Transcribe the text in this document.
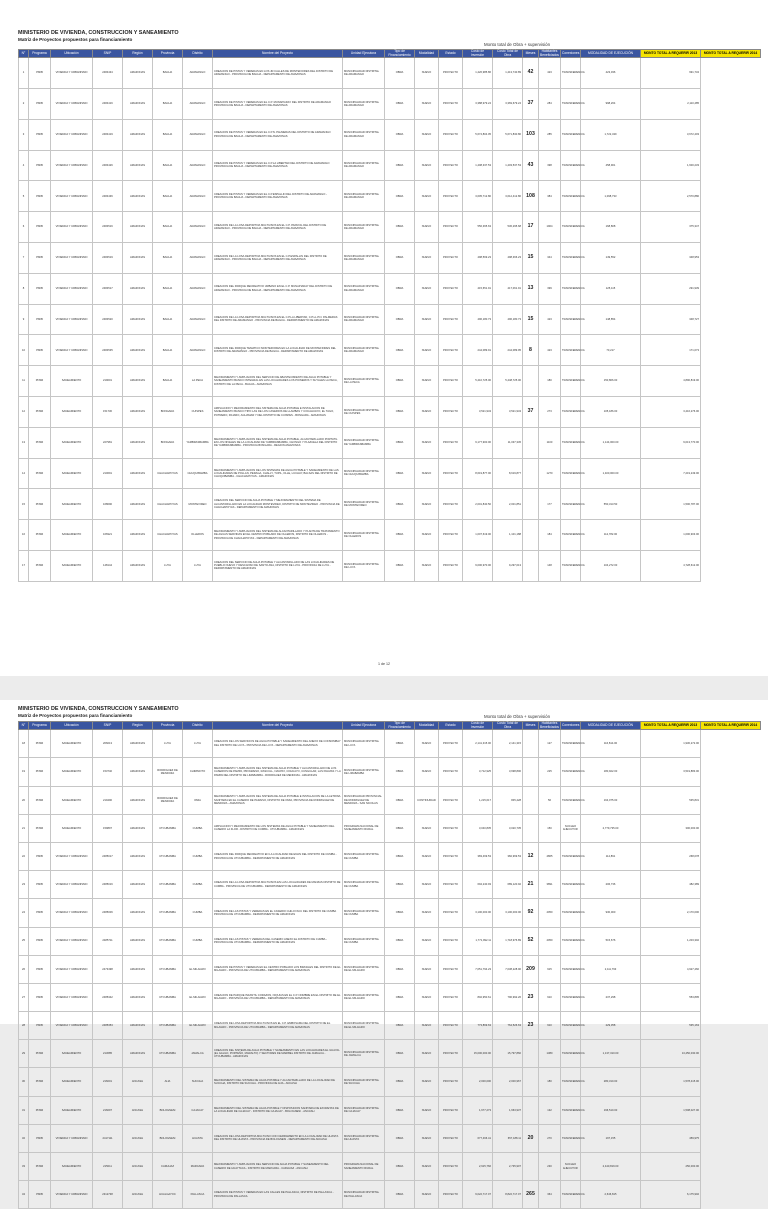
MINISTERIO DE VIVIENDA, CONSTRUCCION Y SANEAMIENTO
Matriz de Proyectos propuestos para financiamiento
Monto total de Obra + supervisión
N°	Programa	Ubicación	SNIP	Región	Provincia	Distrito	Nombre del Proyecto	Unidad Ejecutora	Tipo de Financiamiento	Modalidad	Estado	Costo de Inversión	Costo Total de Obra	Meses	Habitantes Beneficiados	Conexiones	MODALIDAD DE EJECUCIÓN	MONTO TOTAL A REQUERIR 2013	MONTO TOTAL A REQUERIR 2014
1	PMIB	VIVIENDA Y URBANISMO	2484434	AMAZONAS	BAGUA	ARAMANGO	CREACION DE PISTAS Y VEREDAS EN LOS JR.CALLES DE MONTEFIORES DEL DISTRITO DE ARAMANGO - PROVINCIA DE BAGUA - DEPARTAMENTO DE AMAZONAS	MUNICIPALIDAD DISTRITAL DE ARAMANGO	OBRA	NUEVO	PROYECTO	1,426,985.86	1,413,740.89	42	423	TRANSFERENCIA	423,036	991,734	
2	PMIB	VIVIENDA Y URBANISMO	2484416	AMAZONAS	BAGUA	ARAMANGO	CREACION DE PISTAS Y VEREDAS EN EL C.P. MUNAPIADAY DEL DISTRITO DE ARAMANGO PROVINCIA DE BAGUA - DEPARTAMENTO DE AMAZONAS	MUNICIPALIDAD DISTRITAL DE ARAMANGO	OBRA	NUEVO	PROYECTO	3,388,979.24	3,369,679.24	37	284	TRANSFERENCIA	998,264	2,110,485	
3	PMIB	VIVIENDA Y URBANISMO	2484419	AMAZONAS	BAGUA	ARAMANGO	CREACION DE PISTAS Y VEREDAS EN EL C.P.N. PALMERAS DEL DISTRITO DE ARAMANGO PROVINCIA DE BAGUA - DEPARTAMENTO DE AMAZONAS	MUNICIPALIDAD DISTRITAL DE ARAMANGO	OBRA	NUEVO	PROYECTO	5,674,804.05	5,671,830.80	103	285	TRANSFERENCIA	1,722,439	3,672,403	
4	PMIB	VIVIENDA Y URBANISMO	2484426	AMAZONAS	BAGUA	ARAMANGO	CREACION DE PISTAS Y VEREDAS EN EL C.P.LA LIBERTAD DEL DISTRITO DE ARAMANGO PROVINCIA DE BAGUA - DEPARTAMENTO DE AMAZONAS	MUNICIPALIDAD DISTRITAL DE ARAMANGO	OBRA	NUEVO	PROYECTO	1,408,337.53	1,403,537.53	43	398	TRANSFERENCIA	458,901	1,600,233	
5	PMIB	VIVIENDA Y URBANISMO	2484436	AMAZONAS	BAGUA	ARAMANGO	CREACION DE PISTAS Y VEREDAS EN EL C.P.ESPALLIN DEL DISTRITO DE ARAMANGO - PROVINCIA DE BAGUA - DEPARTAMENTO DE AMAZONAS	MUNICIPALIDAD DISTRITAL DE ARAMANGO	OBRA	NUEVO	PROYECTO	3,605,712.80	3,612,412.80	108	384	TRANSFERENCIA	1,098,733	2,570,880	
6	PMIB	VIVIENDA Y URBANISMO	2484516	AMAZONAS	BAGUA	ARAMANGO	CREACION DE LA LOSA DEPORTIVA MULTIUSOS EN EL C.P. PAPAYAL DEL DISTRITO DE ARAMANGO - PROVINCIA DE BAGUA - DEPARTAMENTO DE AMAZONAS	MUNICIPALIDAD DISTRITAL DE ARAMANGO	OBRA	NUEVO	PROYECTO	556,365.63	536,295.68	17	1904	TRANSFERENCIA	168,808	375,347	
7	PMIB	VIVIENDA Y URBANISMO	2484519	AMAZONAS	BAGUA	ARAMANGO	CREACION DE LA LOSA DEPORTIVA MULTIUSOS EN EL C.P.ESPALLIN DEL DISTRITO DE ARAMANGO - PROVINCIA DE BAGUA - DEPARTAMENTO DE AMAZONAS	MUNICIPALIDAD DISTRITAL DE ARAMANGO	OBRA	NUEVO	PROYECTO	498,569.23	498,366.23	15	344	TRANSFERENCIA	149,552	348,953	
8	PMIB	VIVIENDA Y URBANISMO	2484517	AMAZONAS	BAGUA	ARAMANGO	CREACION DEL PARQUE RECREATIVO URBANO EN EL C.P. MUNAPIADAY DEL DISTRITO DE ARAMANGO - PROVINCIA DE BAGUA - DEPARTAMENTO DE AMAZONAS	MUNICIPALIDAD DISTRITAL DE ARAMANGO	OBRA	NUEVO	PROYECTO	415,651.91	417,061.91	13	399	TRANSFERENCIA	125,115	291,939	
9	PMIB	VIVIENDA Y URBANISMO	2484520	AMAZONAS	BAGUA	ARAMANGO	CREACION DE LA LOSA DEPORTIVA MULTIUSOS EN EL C.P.LA LIBERTAD, C.P.LL.P.N. PALMERAS DEL DISTRITO DE ARAMANGO - PROVINCIA DE BAGUA - DEPARTAMENTO DE AMAZONAS	MUNICIPALIDAD DISTRITAL DE ARAMANGO	OBRA	NUEVO	PROYECTO	496,180.73	496,180.73	15	423	TRANSFERENCIA	148,854	348,727	
10	PMIB	VIVIENDA Y URBANISMO	2484535	AMAZONAS	BAGUA	ARAMANGO	CREACION DEL PARQUE TEMATICO MONTEFIORES EN LA LOCALIDAD DE MONTEFIORES DEL DISTRITO DE ARAMANGO - PROVINCIA DE BAGUA - DEPARTAMENTO DE AMAZONAS	MUNICIPALIDAD DISTRITAL DE ARAMANGO	OBRA	NUEVO	PROYECTO	244,089.91	244,089.95	8	423	TRANSFERENCIA	73,217	171,073	
11	PNSR	SANEAMIENTO	219001	AMAZONAS	BAGUA	LA PECA	MEJORAMIENTO Y AMPLIACION DEL SERVICIO DE ABASTECIMIENTO DE AGUA POTABLE Y SANEAMIENTO BASICO INTEGRAL EN LAS LOCALIDADES LOS PIONEROS Y SUYALES LA PECA, DISTRITO DE LA PECA - BAGUA - AMAZONAS	MUNICIPALIDAD DISTRITAL DE LA PECA	OBRA	NUEVO	PROYECTO	5,410,725.00	5,448,725.00		180	TRANSFERENCIA	150,806.00	4,890,819.00	
12	PNSR	SANEAMIENTO	151730	AMAZONAS	BONGARA	CUISPES	AMPLIACION Y MEJORAMIENTO DEL SISTEMA DE AGUA POTABLE E INSTALACION DE SANEAMIENTO BASICO TIPO LAS DE LOS CASERIOS DE LLAMBAS Y COCAHUAYO, EL TAGO, POTRERO, PAJARO, AGUAMAR Y DEL DISTRITO DE CUISPES - BONGARA - AMAZONAS	MUNICIPALIDAD DISTRITAL DE CUISPES	OBRA	NUEVO	PROYECTO	3,521,943	3,521,943	37	273	TRANSFERENCIA	105,186.00	3,416,276.00	
13	PNSR	SANEAMIENTO	227981	AMAZONAS	BONGARA	YAMBRASBAMBA	MEJORAMIENTO Y AMPLIACION DEL SISTEMA DE AGUA POTABLE, ALCANTARILLADO PORTATIL EN LOS NIVELES DE LA LOCALIDAD DE YAMBRASBAMBA, CHOSGO Y PLAZUELA DEL DISTRITO DE YAMBRASBAMBA - PROVINCIA BONGARA - REGION AMAZONAS	MUNICIPALIDAD DISTRITAL DE YAMBRASBAMBA	OBRA	NUEVO	PROYECTO	9,177,900.00	11,037,345		1100	TRANSFERENCIA	1,144,000.00	9,013,770.00	
14	PNSR	SANEAMIENTO	210691	AMAZONAS	CHACHAPOYAS	CHUQUIBAMBA	MEJORAMIENTO Y AMPLIACION DE LOS SISTEMAS DE AGUA POTABLE Y SANEAMIENTO DE LAS LOCALIDADES DE POLLAN, PERAGA, CHALLY, TUPIL, OLLE, LUCHAY, BALSAS DEL DISTRITO DE CHUQUIBAMBA - CHACHAPOYAS - AMAZONAS	MUNICIPALIDAD DISTRITAL DE CHUQUIBAMBA	OBRA	NUEVO	PROYECTO	8,619,877.00	8,619,877		1270	TRANSFERENCIA	1,400,000.00	7,219,249.00	
15	PNSR	SANEAMIENTO	168090	AMAZONAS	CHACHAPOYAS	MONTEVIDEO	CREACION DEL SERVICIO DE AGUA POTABLE Y MEJORAMIENTO DEL SISTEMA DE ALCANTARILLADO EN LA LOCALIDAD MONTEVIDEO, DISTRITO DE MONTEVIDEO - PROVINCIA DE CHACHAPOYAS - DEPARTAMENTO DE AMAZONAS	MUNICIPALIDAD DISTRITAL DE MONTEVIDEO	OBRA	NUEVO	PROYECTO	2,001,840.50	2,001,851		177	TRANSFERENCIA	550,313.50	1,500,787.00	
16	PNSR	SANEAMIENTO	166921	AMAZONAS	CHACHAPOYAS	OLLEROS	MEJORAMIENTO Y AMPLIACION DEL SISTEMA DE ALCANTARILLADO Y PLANTA DE TRATAMIENTO DE AGUAS SERVIDAS EN EL CENTRO POBLADO DE OLLEROS, DISTRITO DE OLLEROS - PROVINCIA DE CHACHAPOYAS - DEPARTAMENTO DE AMAZONAS	MUNICIPALIDAD DISTRITAL DE OLLEROS	OBRA	NUEVO	PROYECTO	1,007,619.00	1,101,188		184	TRANSFERENCIA	112,782.00	1,000,903.00	
17	PNSR	SANEAMIENTO	148144	AMAZONAS	LUYA	LUYA	CREACION DEL SERVICIO DE AGUA POTABLE Y ALCANTARILLADO DE LAS LOCALIDADES DE PUEBLO NUEVO Y DESCANSO DE SANTO ANA, DISTRITO DE LUYA - PROVINCIA DE LUYA - DEPARTAMENTO DE AMAZONAS	MUNICIPALIDAD DISTRITAL DE LUYA	OBRA	NUEVO	PROYECTO	9,000,970.00	9,297,013		148	TRANSFERENCIA	104,272.00	4,728,612.00	
1 de 12
MINISTERIO DE VIVIENDA, CONSTRUCCION Y SANEAMIENTO
Matriz de Proyectos propuestos para financiamiento	Monto total de Obra + supervisión
N°	Programa	Ubicación	SNIP	Región	Provincia	Distrito	Nombre del Proyecto	Unidad Ejecutora	Tipo de Financiamiento	Modalidad	Estado	Costo de Inversión	Costo Total de Obra	Meses	Habitantes Beneficiados	Conexiones	MODALIDAD DE EJECUCIÓN	MONTO TOTAL A REQUERIR 2013	MONTO TOTAL A REQUERIR 2014
18	PNSR	SANEAMIENTO	206013	AMAZONAS	LUYA	LUYA	CREACION DE LOS SERVICIOS DE AGUA POTABLE Y SANEAMIENTO DEL ANEXO DE CONSOMBAY DEL DISTRITO DE LUYA - PROVINCIA DE LUYA - DEPARTAMENTO DE AMAZONAS	MUNICIPALIDAD DISTRITAL DE LUYA	OBRA	NUEVO	PROYECTO	2,141,315.00	2,141,315		127	TRANSFERENCIA	116,814.00	1,930,272.00	
19	PNSR	SANEAMIENTO	153740	AMAZONAS	RODRIGUEZ DE MENDOZA	CHIRIMOTO	MEJORAMIENTO Y AMPLIACION DEL SISTEMA DE AGUA POTABLE Y ALCANTARILLADO DE LOS CASERIOS DE PAMPA, PROGRESO, RASCULL, NAUPAY, COHUAYO, CUNGULAR, LAS PALMAS Y LA PAMPA DEL DISTRITO DE LIMABAMBA - RODRIGUEZ DE MENDOZA - AMAZONAS	MUNICIPALIDAD DISTRITAL DE LIMABAMBA	OBRA	NUEVO	PROYECTO	3,712,925	3,698,800		225	TRANSFERENCIA	180,922.00	3,519,883.00	
20	PNSR	SANEAMIENTO	219490	AMAZONAS	RODRIGUEZ DE MENDOZA	OMIA	MEJORAMIENTO Y AMPLIACION DEL SISTEMA DE AGUA POTABLE E INSTALACION DE LA LETRINA SANITARIA EN EL CASERIO DE PARAISO, DISTRITO DE OMIA, PROVINCIA DE RODRIGUEZ DE MENDOZA - AMAZONAS	MUNICIPALIDAD PROVINCIAL DE RODRIGUEZ DE MENDOZA - SAN NICOLAS	OBRA	CONTINUIDAD	PROYECTO	1,215,617	845,428		56	TRANSFERENCIA	164,075.00	535,831	
21	PNSR	SANEAMIENTO	159897	AMAZONAS	UTCUBAMBA	CUMBA	AMPLIACION Y MEJORAMIENTO DE LOS SISTEMAS DE AGUA POTABLE Y SANEAMIENTO DEL CASERIO LA FLOR - DISTRITO DE CUMBA - UTCUBAMBA - AMAZONAS	PROGRAMA NACIONAL DE SANEAMIENTO RURAL	OBRA	NUEVO	PROYECTO	3,040,835	3,020,735		150	NUCLEO EJECUTOR	2,779,735.00	300,000.00	
22	PMIB	VIVIENDA Y URBANISMO	2485017	AMAZONAS	UTCUBAMBA	CUMBA	CREACION DEL PARQUE RECREATIVO EN LA LOCALIDAD DE ENAN DEL DISTRITO DE CUMBA - PROVINCIA DE UTCUBAMBA - DEPARTAMENTO DE AMAZONAS	MUNICIPALIDAD DISTRITAL DE CUMBA	OBRA	NUEVO	PROYECTO	383,469.53	382,969.53	12	4865	TRANSFERENCIA	114,891	268,078	
23	PMIB	VIVIENDA Y URBANISMO	2485016	AMAZONAS	UTCUBAMBA	CUMBA	CREACION DE LA LOSA DEPORTIVA MULTIUSOS EN LAS LOCALIDADES DE MANZAS DISTRITO DE CUMBA - PROVINCIA DE UTCUBAMBA - DEPARTAMENTO DE AMAZONAS	MUNICIPALIDAD DISTRITAL DE CUMBA	OBRA	NUEVO	PROYECTO	694,240.93	689,120.92	21	3891	TRANSFERENCIA	206,736	482,389	
24	PMIB	VIVIENDA Y URBANISMO	2485006	AMAZONAS	UTCUBAMBA	CUMBA	CREACION DE LAS PISTAS Y VEREDAS EN EL CASERIO CHILOYACU DEL DISTRITO DE CUMBA PROVINCIA DE UTCUBAMBA - DEPARTAMENTO DE AMAZONAS	MUNICIPALIDAD DISTRITAL DE CUMBA	OBRA	NUEVO	PROYECTO	3,100,000.00	3,100,000.00	92	4050	TRANSFERENCIA	930,000	2,170,000	
25	PMIB	VIVIENDA Y URBANISMO	2485711	AMAZONAS	UTCUBAMBA	CUMBA	CREACION DE LAS PISTAS Y VEREDAS DEL CASERIO ANEXO EL DISTRITO DE CUMBA - PROVINCIA DE UTCUBAMBA - DEPARTAMENTO DE AMAZONAS	MUNICIPALIDAD DISTRITAL DE CUMBA	OBRA	NUEVO	PROYECTO	1,771,992.11	1,718,976.89	52	4050	TRANSFERENCIA	515,676	1,203,302	
26	PMIB	VIVIENDA Y URBANISMO	2473498	AMAZONAS	UTCUBAMBA	EL MILAGRO	CREACION DE PISTAS Y VEREDAS EN EL CENTRO POBLADO LOS BRASILES DEL DISTRITO DE EL MILAGRO - PROVINCIA DE UTCUBAMBA - DEPARTAMENTO DE AMAZONAS	MUNICIPALIDAD DISTRITAL DE EL MILAGRO	OBRA	NUEVO	PROYECTO	7,051,794.23	7,038,228.90	209	915	TRANSFERENCIA	2,111,793	4,927,460	
27	PMIB	VIVIENDA Y URBANISMO	2485342	AMAZONAS	UTCUBAMBA	EL MILAGRO	CREACION DE PARQUE INFANTIL CORAZON, NIQUIAS EN EL C.P. NOMBRE EN EL DISTRITO DE EL MILAGRO - PROVINCIA DE UTCUBAMBA - DEPARTAMENTO DE AMAZONAS	MUNICIPALIDAD DISTRITAL DE EL MILAGRO	OBRA	NUEVO	PROYECTO	802,950.61	790,992.26	23	910	TRANSFERENCIA	237,298	553,895	
28	PMIB	VIVIENDA Y URBANISMO	2485353	AMAZONAS	UTCUBAMBA	EL MILAGRO	CREACION DE LOSA DEPORTIVA MULTIUSOS EN EL C.P. EMBOSAMA DEL DISTRITO DE EL MILAGRO - PROVINCIA DE UTCUBAMBA - DEPARTAMENTO DE AMAZONAS	MUNICIPALIDAD DISTRITAL DE EL MILAGRO	OBRA	NUEVO	PROYECTO	773,869.63	764,526.63	23	910	TRANSFERENCIA	229,358	535,163	
29	PNSR	SANEAMIENTO	213685	AMAZONAS	UTCUBAMBA	JAMALCA	CREACION DEL SISTEMA DE AGUA POTABLE Y SANEAMIENTO EN LAS LOCALIDADES EL GUAYAL (EL GALGO, PORTEÑO, MARALTO) Y SECTORES DE MARIBEL DISTRITO DE JAMALCA - UTCUBAMBA - AMAZONAS	MUNICIPALIDAD DISTRITAL DE JAMALCA	OBRA	NUEVO	PROYECTO	15,000,000.00	15,797,860		1380	TRANSFERENCIA	1,137,310.00	13,450,030.00	
30	PNSR	SANEAMIENTO	216001	ANCASH	AIJA	SUCCHA	MEJORAMIENTO DEL SISTEMA DE AGUA POTABLE Y ALCANTARILLADO DE LA LOCALIDAD DE SUCCHA, DISTRITO DE SUCCHA - PROVINCIA DE AIJA - ANCASH	MUNICIPALIDAD DISTRITAL DE SUCCHA	OBRA	NUEVO	PROYECTO	2,000,000	2,000,967		180	TRANSFERENCIA	280,310.00	1,578,415.00	
31	PNSR	SANEAMIENTO	216097	ANCASH	BOLOGNESI	CAJACAY	MEJORAMIENTO DEL SISTEMA DE AGUA POTABLE Y DISPOSICION SANITARIA DE EXCRETAS DE LA LOCALIDAD DE CAJACAY - DISTRITO DE CAJACAY - BOLOGNESI - ANCASH	MUNICIPALIDAD DISTRITAL DE CAJACAY	OBRA	NUEVO	PROYECTO	1,677,273	1,663,937		132	TRANSFERENCIA	196,510.00	1,508,027.00	
32	PMIB	VIVIENDA Y URBANISMO	2417111	ANCASH	BOLOGNESI	HUASTA	CREACION DE LOSA DEPORTIVA MULTIUSO CON CERRAMIENTO EN LA LOCALIDAD DE HUASTA DEL DISTRITO DE HUASTA - PROVINCIA DE BOLOGNESI - DEPARTAMENTO DE ANCASH	MUNICIPALIDAD DISTRITAL DE HUASTA	OBRA	NUEVO	PROYECTO	677,466.41	657,188.11	20	270	TRANSFERENCIA	197,155	459,975	
33	PNSR	SANEAMIENTO	215011	ANCASH	CARHUAZ	MARCARA	MEJORAMIENTO Y AMPLIACION DEL SERVICIO DE AGUA POTABLE Y SANEAMIENTO DEL CASERIO DE HUAYTACA - DISTRITO DE MARCARA - CARHUAZ - ANCASH	PROGRAMA NACIONAL DE SANEAMIENTO RURAL	OBRA	NUEVO	PROYECTO	2,915,766	2,735,907		230	NUCLEO EJECUTOR	2,440,819.00	250,000.00	
34	PMIB	VIVIENDA Y URBANISMO	2312738	ANCASH	HUALGAYOC	PALLASCA	CREACION DE PISTAS Y VEREDAS EN LAS CALLES DE PALLASCA, DISTRITO DE PALLASCA - PROVINCIA DE PALLASCA	MUNICIPALIDAD DISTRITAL DE PALLASCA	OBRA	NUEVO	PROYECTO	9,022,717.07	8,822,717.07	265	364	TRANSFERENCIA	2,646,815	6,175,902	
